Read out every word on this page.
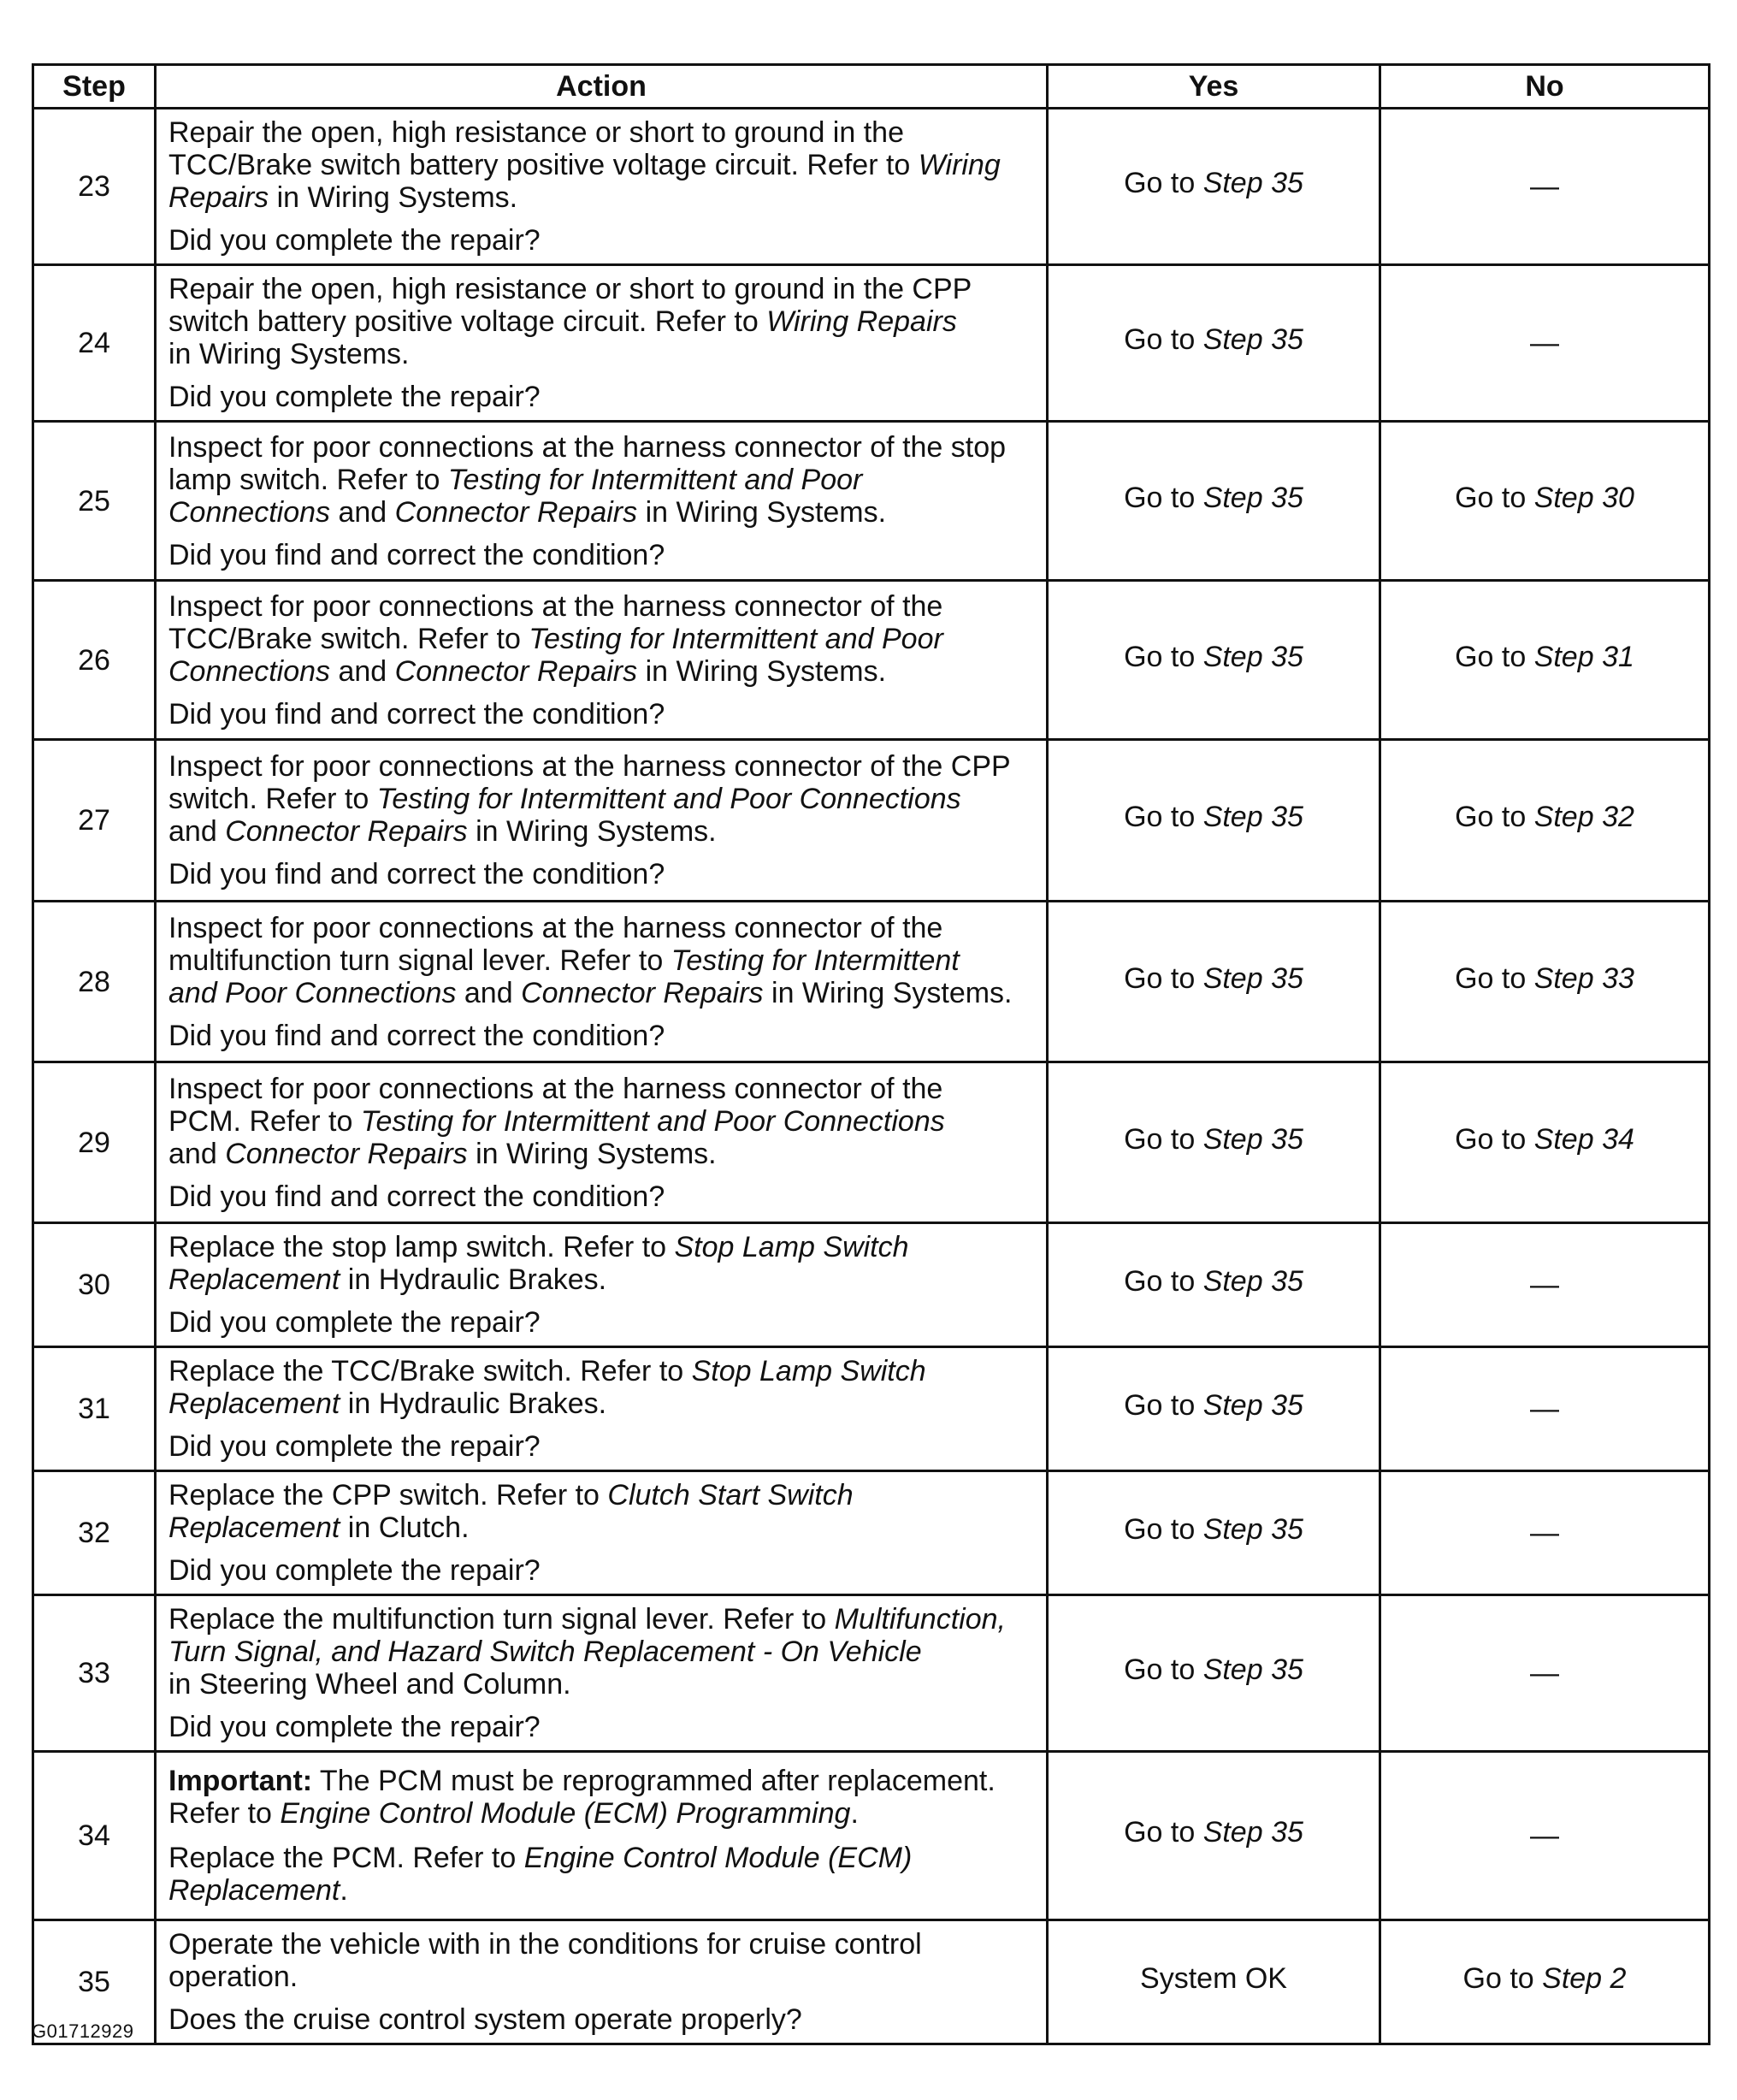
Step	Action	Yes	No
23	Repair the open, high resistance or short to ground in the
TCC/Brake switch battery positive voltage circuit. Refer to Wiring
Repairs in Wiring Systems.
Did you complete the repair?	Go to Step 35	—
24	Repair the open, high resistance or short to ground in the CPP
switch battery positive voltage circuit. Refer to Wiring Repairs
in Wiring Systems.
Did you complete the repair?	Go to Step 35	—
25	Inspect for poor connections at the harness connector of the stop
lamp switch. Refer to Testing for Intermittent and Poor
Connections and Connector Repairs in Wiring Systems.
Did you find and correct the condition?	Go to Step 35	Go to Step 30
26	Inspect for poor connections at the harness connector of the
TCC/Brake switch. Refer to Testing for Intermittent and Poor
Connections and Connector Repairs in Wiring Systems.
Did you find and correct the condition?	Go to Step 35	Go to Step 31
27	Inspect for poor connections at the harness connector of the CPP
switch. Refer to Testing for Intermittent and Poor Connections
and Connector Repairs in Wiring Systems.
Did you find and correct the condition?	Go to Step 35	Go to Step 32
28	Inspect for poor connections at the harness connector of the
multifunction turn signal lever. Refer to Testing for Intermittent
and Poor Connections and Connector Repairs in Wiring Systems.
Did you find and correct the condition?	Go to Step 35	Go to Step 33
29	Inspect for poor connections at the harness connector of the
PCM. Refer to Testing for Intermittent and Poor Connections
and Connector Repairs in Wiring Systems.
Did you find and correct the condition?	Go to Step 35	Go to Step 34
30	Replace the stop lamp switch. Refer to Stop Lamp Switch
Replacement in Hydraulic Brakes.
Did you complete the repair?	Go to Step 35	—
31	Replace the TCC/Brake switch. Refer to Stop Lamp Switch
Replacement in Hydraulic Brakes.
Did you complete the repair?	Go to Step 35	—
32	Replace the CPP switch. Refer to Clutch Start Switch
Replacement in Clutch.
Did you complete the repair?	Go to Step 35	—
33	Replace the multifunction turn signal lever. Refer to Multifunction,
Turn Signal, and Hazard Switch Replacement - On Vehicle
in Steering Wheel and Column.
Did you complete the repair?	Go to Step 35	—
34	Important: The PCM must be reprogrammed after replacement.
Refer to Engine Control Module (ECM) Programming.
Replace the PCM. Refer to Engine Control Module (ECM)
Replacement.	Go to Step 35	—
35	Operate the vehicle with in the conditions for cruise control
operation.
Does the cruise control system operate properly?	System OK	Go to Step 2
G01712929
